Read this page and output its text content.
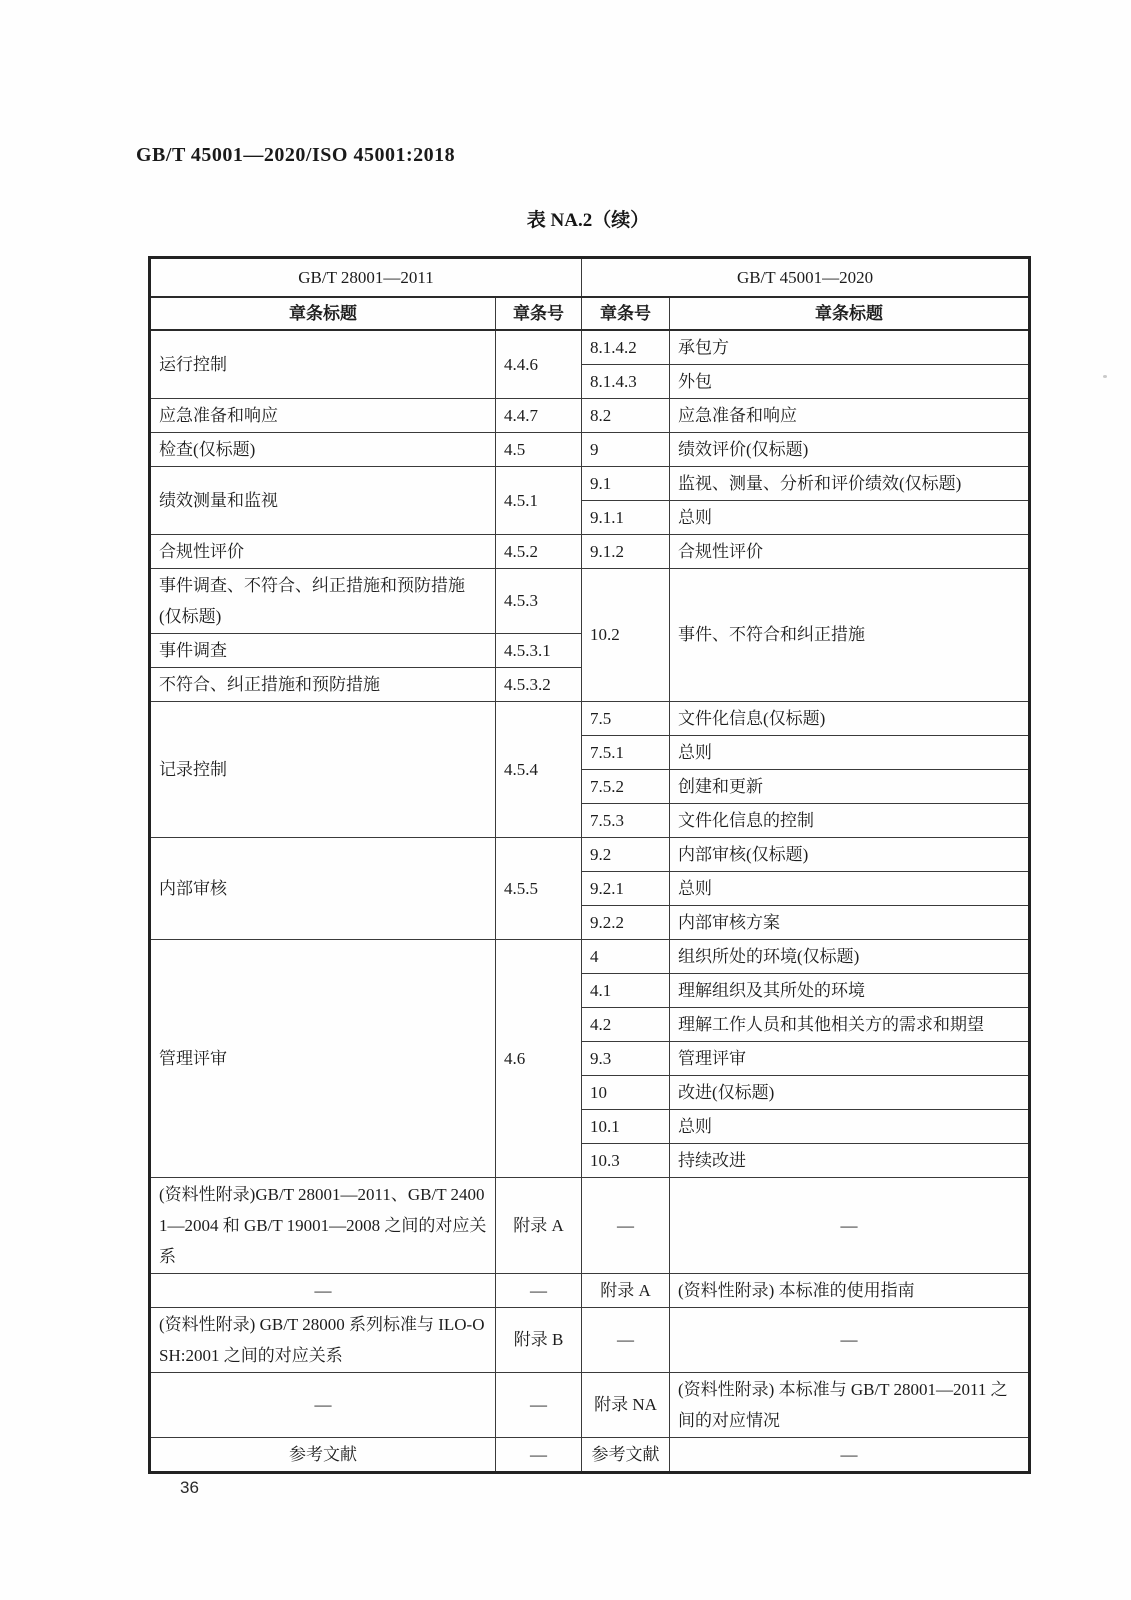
GB/T 45001—2020/ISO 45001:2018
表 NA.2（续）
GB/T 28001—2011		GB/T 45001—2020	
章条标题	章条号	章条号	章条标题
运行控制	4.4.6	8.1.4.2	承包方
		8.1.4.3	外包
应急准备和响应	4.4.7	8.2	应急准备和响应
检查(仅标题)	4.5	9	绩效评价(仅标题)
绩效测量和监视	4.5.1	9.1	监视、测量、分析和评价绩效(仅标题)
		9.1.1	总则
合规性评价	4.5.2	9.1.2	合规性评价
事件调查、不符合、纠正措施和预防措施(仅标题)	4.5.3	10.2	事件、不符合和纠正措施
事件调查	4.5.3.1		
不符合、纠正措施和预防措施	4.5.3.2		
记录控制	4.5.4	7.5	文件化信息(仅标题)
		7.5.1	总则
		7.5.2	创建和更新
		7.5.3	文件化信息的控制
内部审核	4.5.5	9.2	内部审核(仅标题)
		9.2.1	总则
		9.2.2	内部审核方案
管理评审	4.6	4	组织所处的环境(仅标题)
		4.1	理解组织及其所处的环境
		4.2	理解工作人员和其他相关方的需求和期望
		9.3	管理评审
		10	改进(仅标题)
		10.1	总则
		10.3	持续改进
(资料性附录)GB/T 28001—2011、GB/T 24001—2004 和 GB/T 19001—2008 之间的对应关系	附录 A	—	—
—	—	附录 A	(资料性附录) 本标准的使用指南
(资料性附录) GB/T 28000 系列标准与 ILO-OSH:2001 之间的对应关系	附录 B	—	—
—	—	附录 NA	(资料性附录) 本标准与 GB/T 28001—2011 之间的对应情况
参考文献	—	参考文献	—
36
